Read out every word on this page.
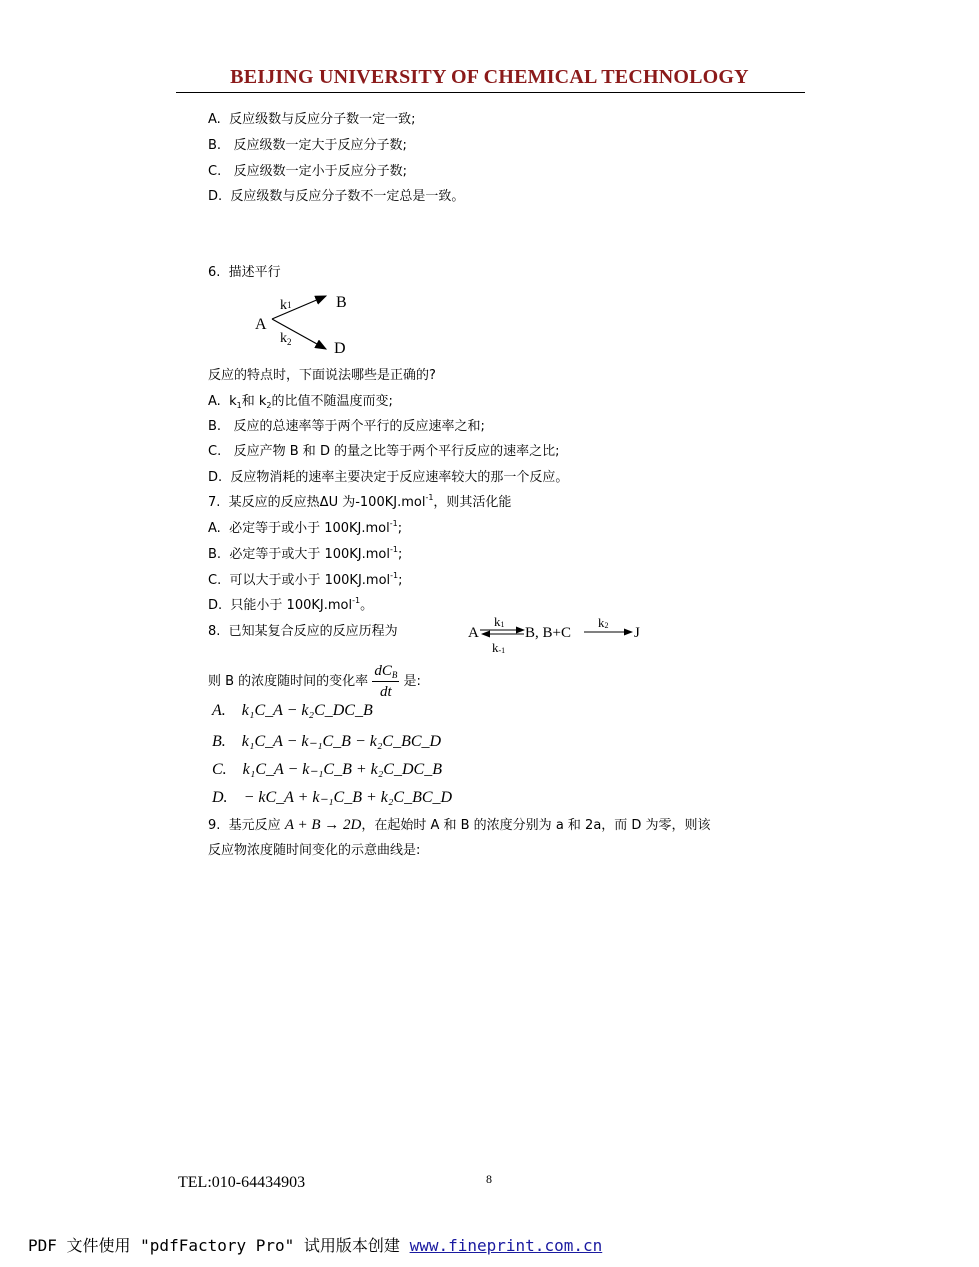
BEIJING UNIVERSITY OF CHEMICAL TECHNOLOGY
A. 反应级数与反应分子数一定一致;
B. 反应级数一定大于反应分子数;
C. 反应级数一定小于反应分子数;
D. 反应级数与反应分子数不一定总是一致。
6. 描述平行
A
k1
$k_2$
B
D
反应的特点时，下面说法哪些是正确的?
A. $k_1$和 $k_2$的比值不随温度而变;
B. 反应的总速率等于两个平行的反应速率之和;
C. 反应产物 B 和 D 的量之比等于两个平行反应的速率之比;
D. 反应物消耗的速率主要决定于反应速率较大的那一个反应。
7. 某反应的反应热ΔU 为-100KJ.mol$^{-1}$，则其活化能
A. 必定等于或小于 100KJ.mol$^{-1}$;
B. 必定等于或大于 100KJ.mol$^{-1}$;
C. 可以大于或小于 100KJ.mol$^{-1}$;
D. 只能小于 100KJ.mol$^{-1}$。
8. 已知某复合反应的反应历程为	A
k1
k-1
B, B+C
k2 J
则 B 的浓度随时间的变化率 $\frac{dC_B}{dt}$ 是:
A. k₁C_A − k₂C_DC_B
B. k₁C_A − k₋₁C_B − k₂C_BC_D
C. k₁C_A − k₋₁C_B + k₂C_DC_B
D. − kC_A + k₋₁C_B + k₂C_BC_D
9. 基元反应 A + B → 2D，在起始时 A 和 B 的浓度分别为 a 和 2a，而 D 为零，则该
反应物浓度随时间变化的示意曲线是:
TEL:010-64434903	8
PDF 文件使用 "pdfFactory Pro" 试用版本创建 www.fineprint.com.cn
